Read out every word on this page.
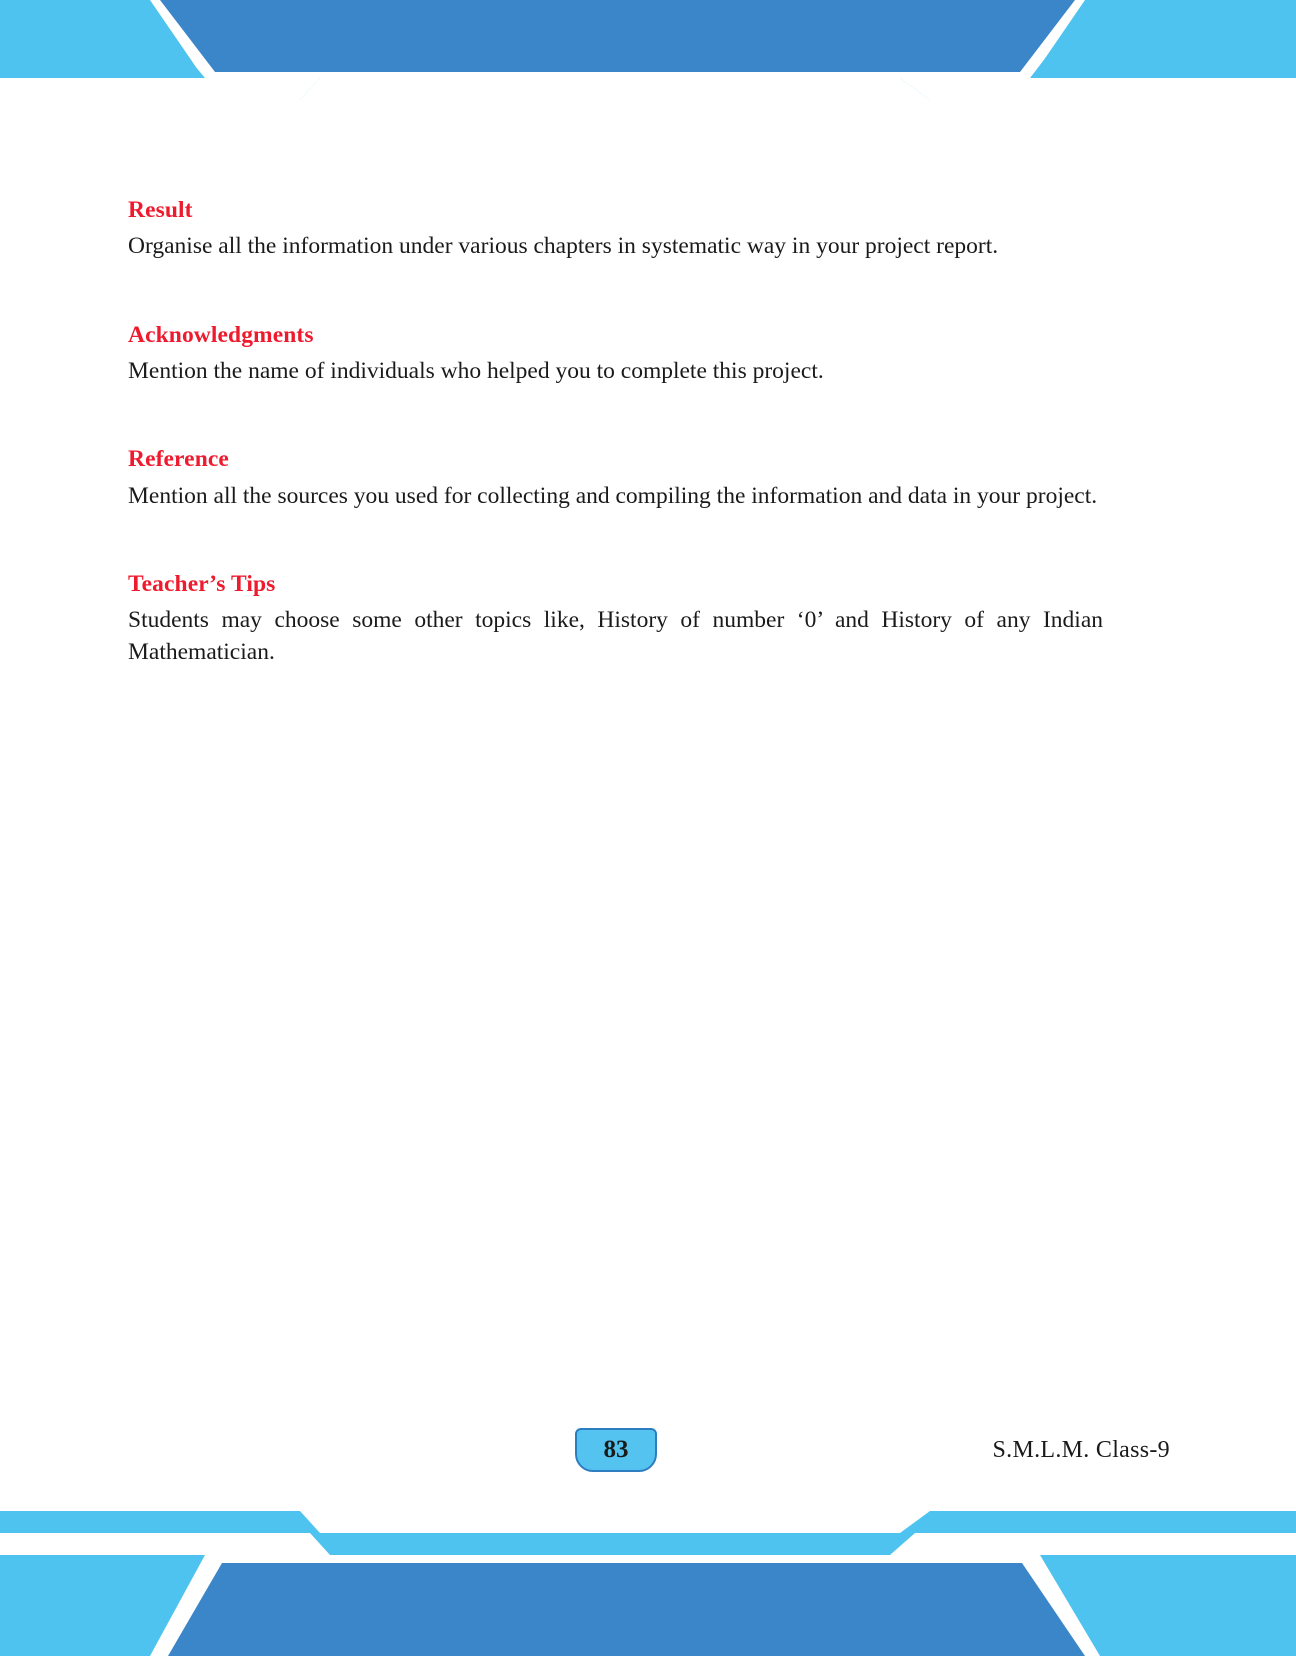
Result

Organise all the information under various chapters in systematic way in your project report.

Acknowledgments

Mention the name of individuals who helped you to complete this project.

Reference

Mention all the sources you used for collecting and compiling the information and data in your project.

Teacher’s Tips

Students may choose some other topics like, History of number ‘0’ and History of any Indian Mathematician.

83	S.M.L.M. Class-9
